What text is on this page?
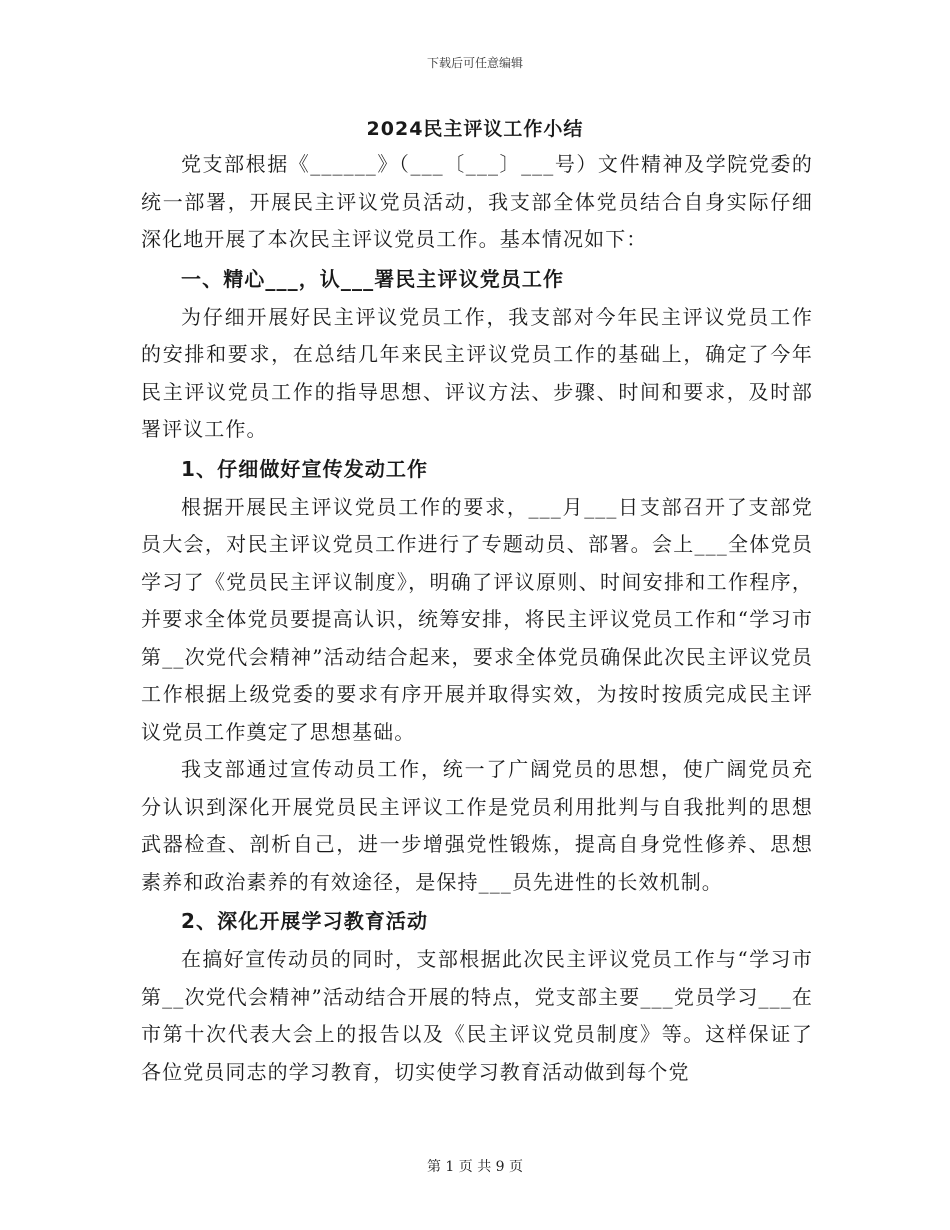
下载后可任意编辑
2024民主评议工作小结

党支部根据《______》（___〔___〕___号）文件精神及学院党委的统一部署，开展民主评议党员活动，我支部全体党员结合自身实际仔细深化地开展了本次民主评议党员工作。基本情况如下：

一、精心___，认___署民主评议党员工作

为仔细开展好民主评议党员工作，我支部对今年民主评议党员工作的安排和要求，在总结几年来民主评议党员工作的基础上，确定了今年民主评议党员工作的指导思想、评议方法、步骤、时间和要求，及时部署评议工作。

1、仔细做好宣传发动工作

根据开展民主评议党员工作的要求，___月___日支部召开了支部党员大会，对民主评议党员工作进行了专题动员、部署。会上___全体党员学习了《党员民主评议制度》，明确了评议原则、时间安排和工作程序，并要求全体党员要提高认识，统筹安排，将民主评议党员工作和“学习市第__次党代会精神”活动结合起来，要求全体党员确保此次民主评议党员工作根据上级党委的要求有序开展并取得实效，为按时按质完成民主评议党员工作奠定了思想基础。

我支部通过宣传动员工作，统一了广阔党员的思想，使广阔党员充分认识到深化开展党员民主评议工作是党员利用批判与自我批判的思想武器检查、剖析自己，进一步增强党性锻炼，提高自身党性修养、思想素养和政治素养的有效途径，是保持___员先进性的长效机制。

2、深化开展学习教育活动

在搞好宣传动员的同时，支部根据此次民主评议党员工作与“学习市第__次党代会精神”活动结合开展的特点，党支部主要___党员学习___在市第十次代表大会上的报告以及《民主评议党员制度》等。这样保证了各位党员同志的学习教育，切实使学习教育活动做到每个党

第 1 页 共 9 页
